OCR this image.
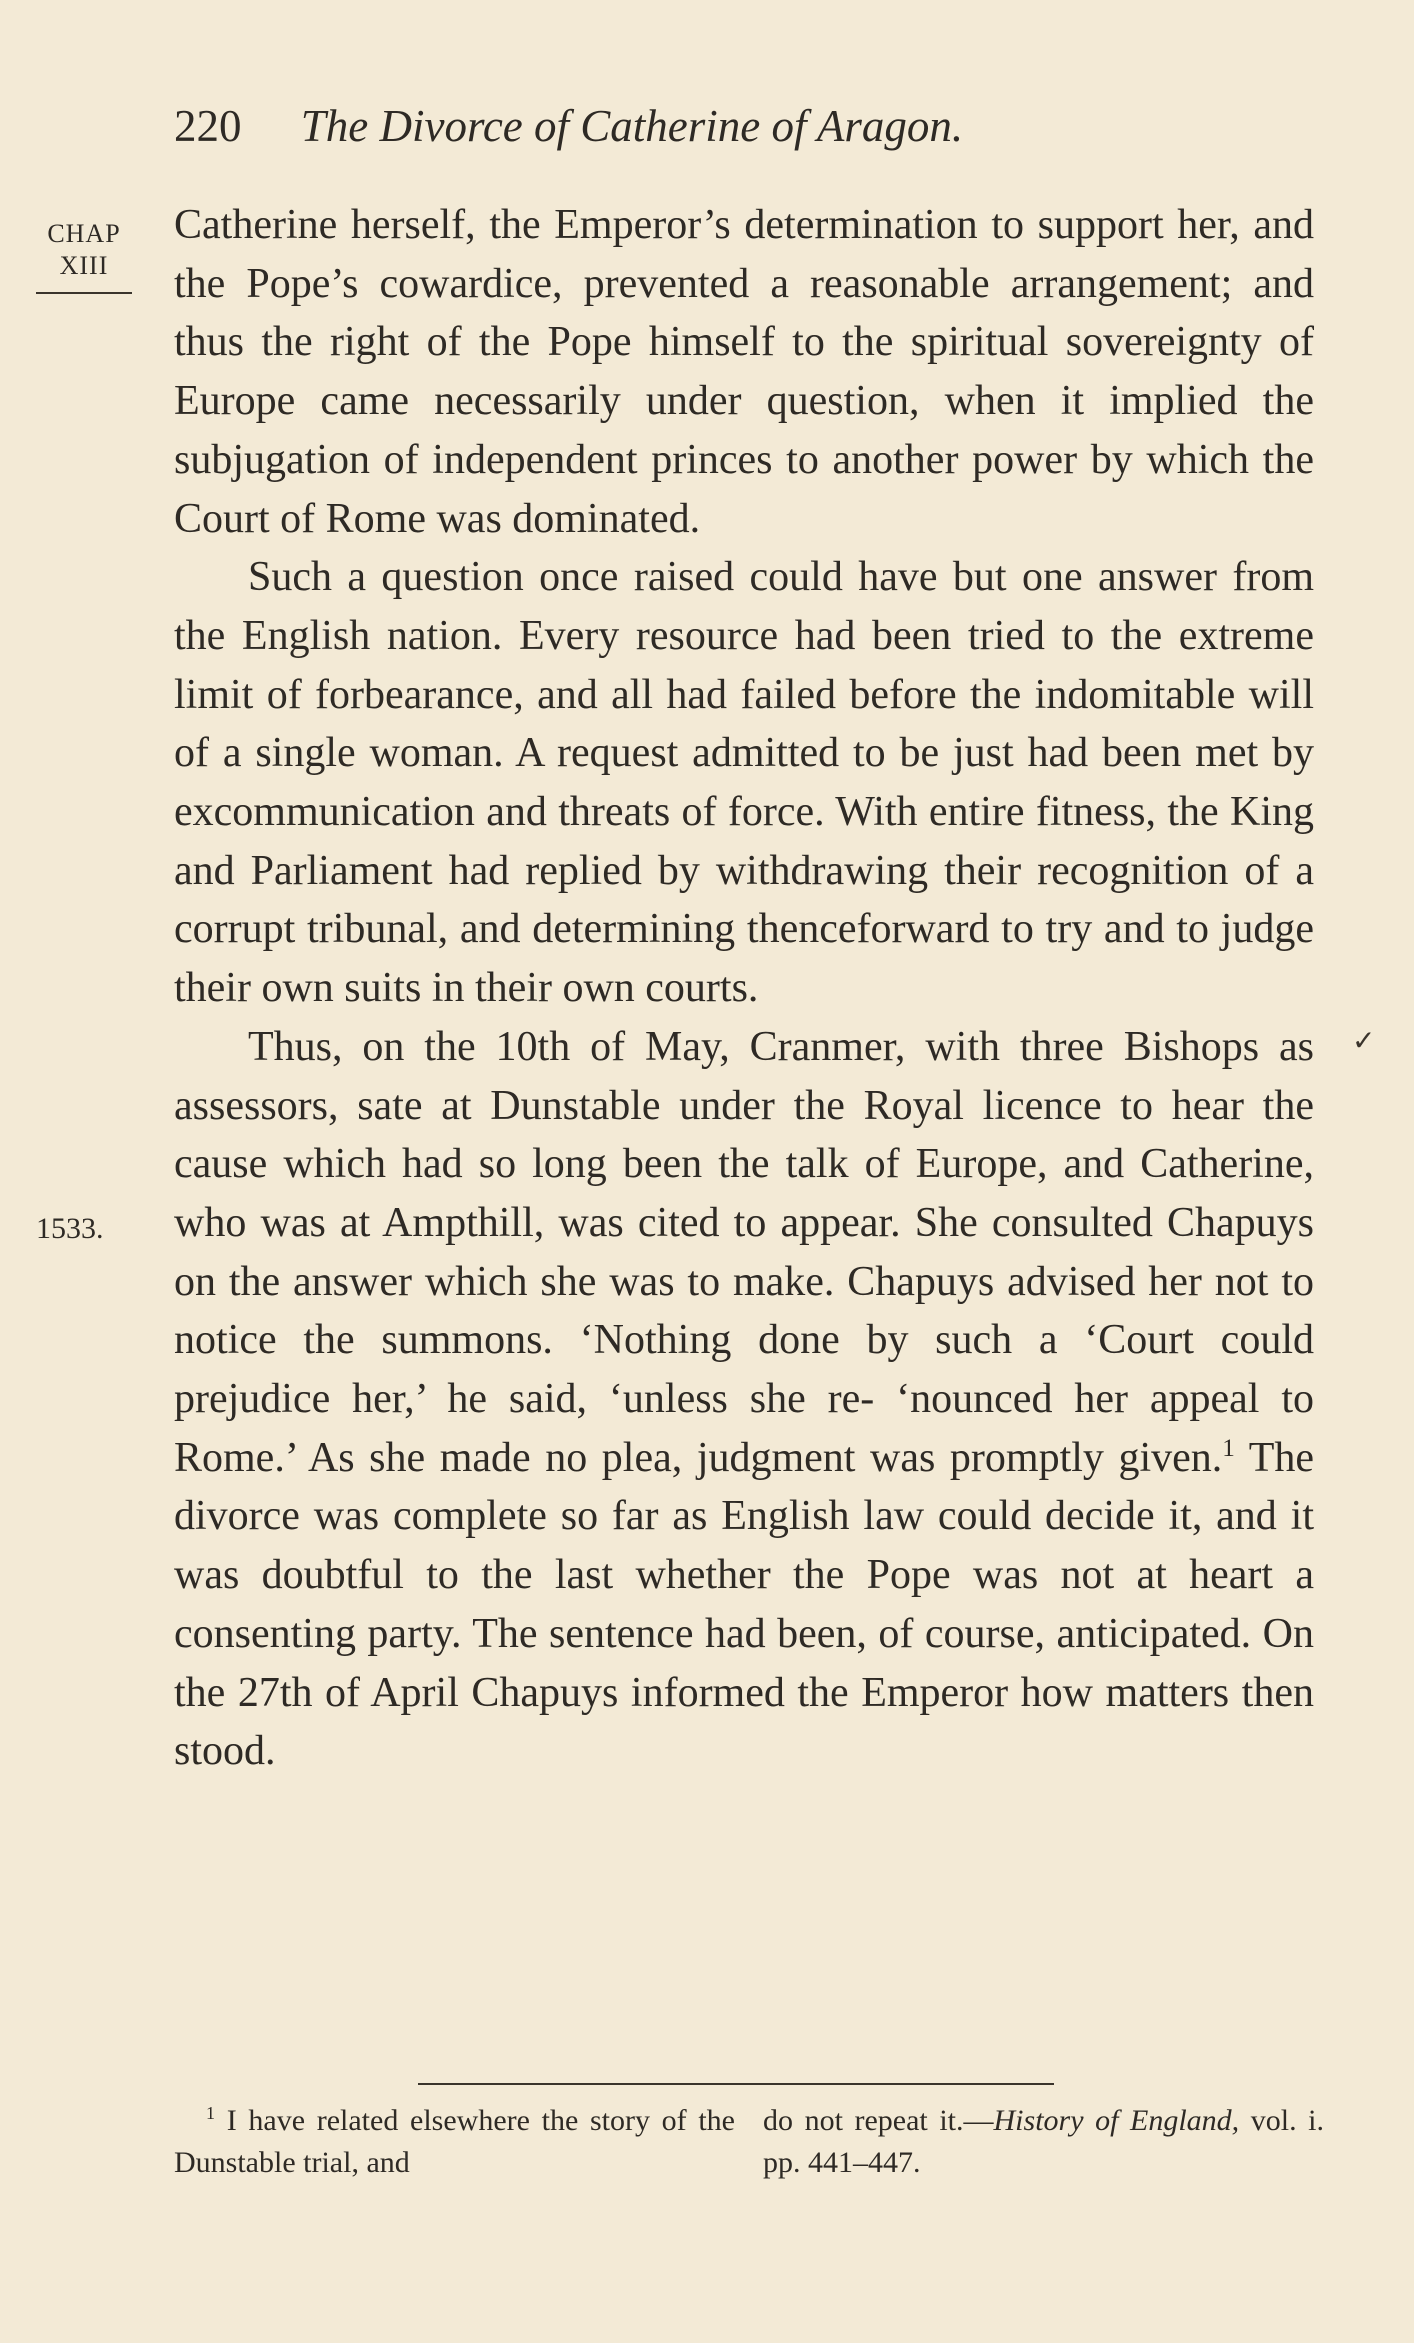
220 The Divorce of Catherine of Aragon.
CHAP
XIII
1533.
✓

Catherine herself, the Emperor’s determination to support her, and the Pope’s cowardice, prevented a reasonable arrangement; and thus the right of the Pope himself to the spiritual sovereignty of Europe came necessarily under question, when it implied the subjugation of independent princes to another power by which the Court of Rome was dominated.

Such a question once raised could have but one answer from the English nation. Every resource had been tried to the extreme limit of forbearance, and all had failed before the indomitable will of a single woman. A request admitted to be just had been met by excommunication and threats of force. With entire fitness, the King and Parliament had replied by withdrawing their recognition of a corrupt tribunal, and determining thenceforward to try and to judge their own suits in their own courts.

Thus, on the 10th of May, Cranmer, with three Bishops as assessors, sate at Dunstable under the Royal licence to hear the cause which had so long been the talk of Europe, and Catherine, who was at Ampthill, was cited to appear. She consulted Chapuys on the answer which she was to make. Chapuys advised her not to notice the summons. ‘Nothing done by such a ‘Court could prejudice her,’ he said, ‘unless she re- ‘nounced her appeal to Rome.’ As she made no plea, judgment was promptly given.$^1$ The divorce was complete so far as English law could decide it, and it was doubtful to the last whether the Pope was not at heart a consenting party. The sentence had been, of course, anticipated. On the 27th of April Chapuys informed the Emperor how matters then stood.

$^1$ I have related elsewhere the story of the Dunstable trial, and
do not repeat it.—History of England, vol. i. pp. 441–447.
